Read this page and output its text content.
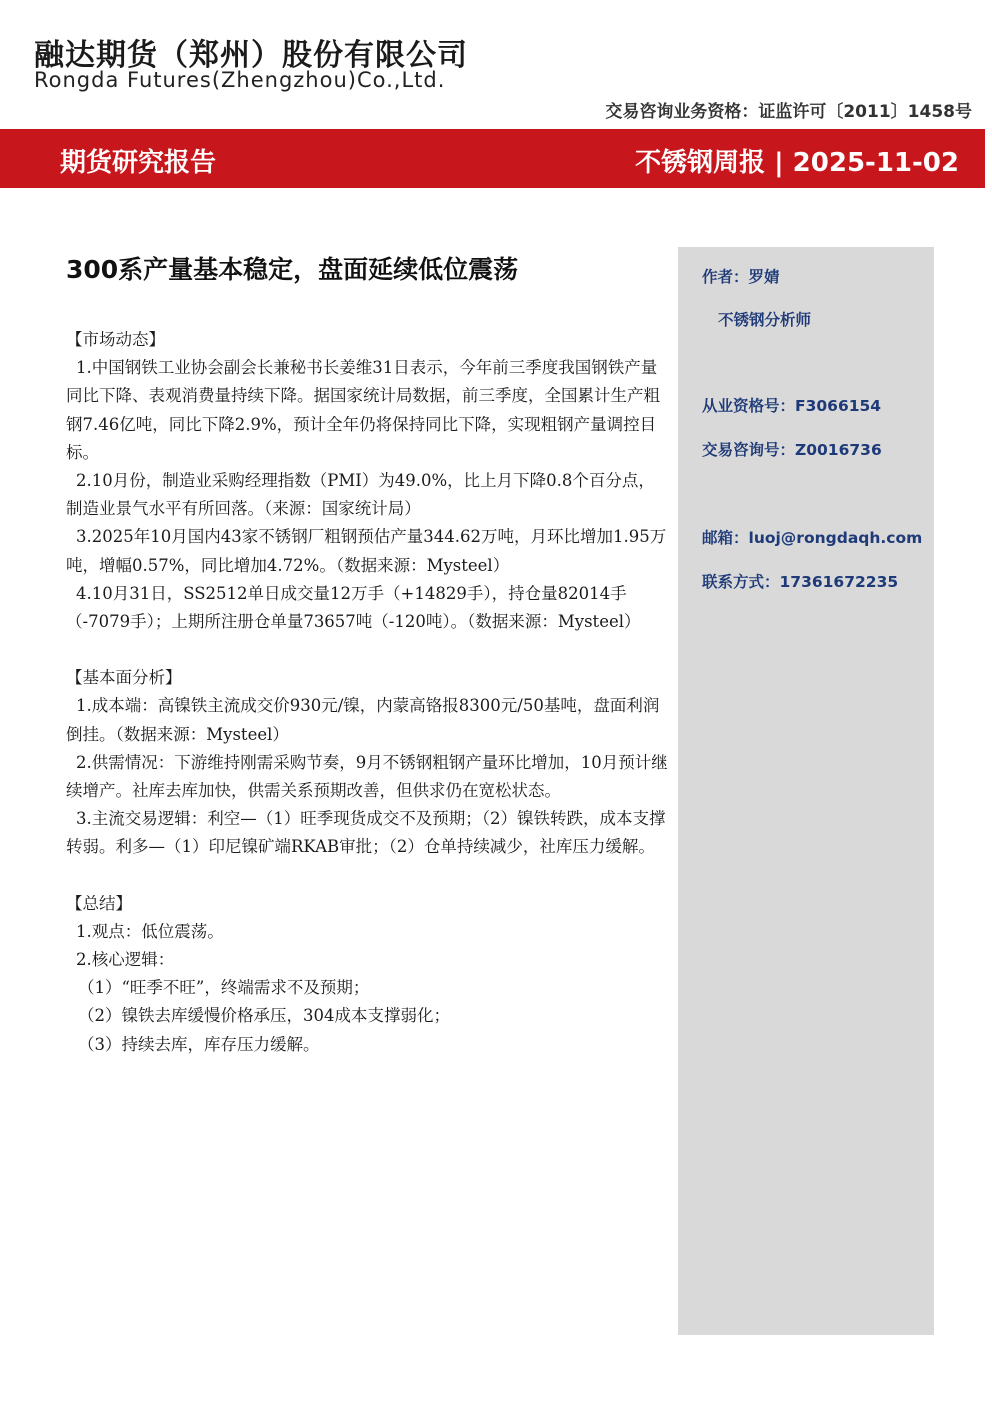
融达期货（郑州）股份有限公司
Rongda Futures(Zhengzhou)Co.,Ltd.
交易咨询业务资格：证监许可〔2011〕1458号
期货研究报告	不锈钢周报 | 2025-11-02
300系产量基本稳定，盘面延续低位震荡

【市场动态】

1.中国钢铁工业协会副会长兼秘书长姜维31日表示，今年前三季度我国钢铁产量同比下降、表观消费量持续下降。据国家统计局数据，前三季度，全国累计生产粗钢7.46亿吨，同比下降2.9%，预计全年仍将保持同比下降，实现粗钢产量调控目标。

2.10月份，制造业采购经理指数（PMI）为49.0%，比上月下降0.8个百分点，制造业景气水平有所回落。（来源：国家统计局）

3.2025年10月国内43家不锈钢厂粗钢预估产量344.62万吨，月环比增加1.95万吨，增幅0.57%，同比增加4.72%。（数据来源：Mysteel）

4.10月31日，SS2512单日成交量12万手（+14829手），持仓量82014手（-7079手）；上期所注册仓单量73657吨（-120吨）。（数据来源：Mysteel）

【基本面分析】

1.成本端：高镍铁主流成交价930元/镍，内蒙高铬报8300元/50基吨，盘面利润倒挂。（数据来源：Mysteel）

2.供需情况：下游维持刚需采购节奏，9月不锈钢粗钢产量环比增加，10月预计继续增产。社库去库加快，供需关系预期改善，但供求仍在宽松状态。

3.主流交易逻辑：利空—（1）旺季现货成交不及预期；（2）镍铁转跌，成本支撑转弱。利多—（1）印尼镍矿端RKAB审批；（2）仓单持续减少，社库压力缓解。

【总结】

1.观点：低位震荡。

2.核心逻辑：

（1）“旺季不旺”，终端需求不及预期；

（2）镍铁去库缓慢价格承压，304成本支撑弱化；

（3）持续去库，库存压力缓解。

作者：罗婧
不锈钢分析师
从业资格号：F3066154
交易咨询号：Z0016736
邮箱：luoj@rongdaqh.com
联系方式：17361672235
